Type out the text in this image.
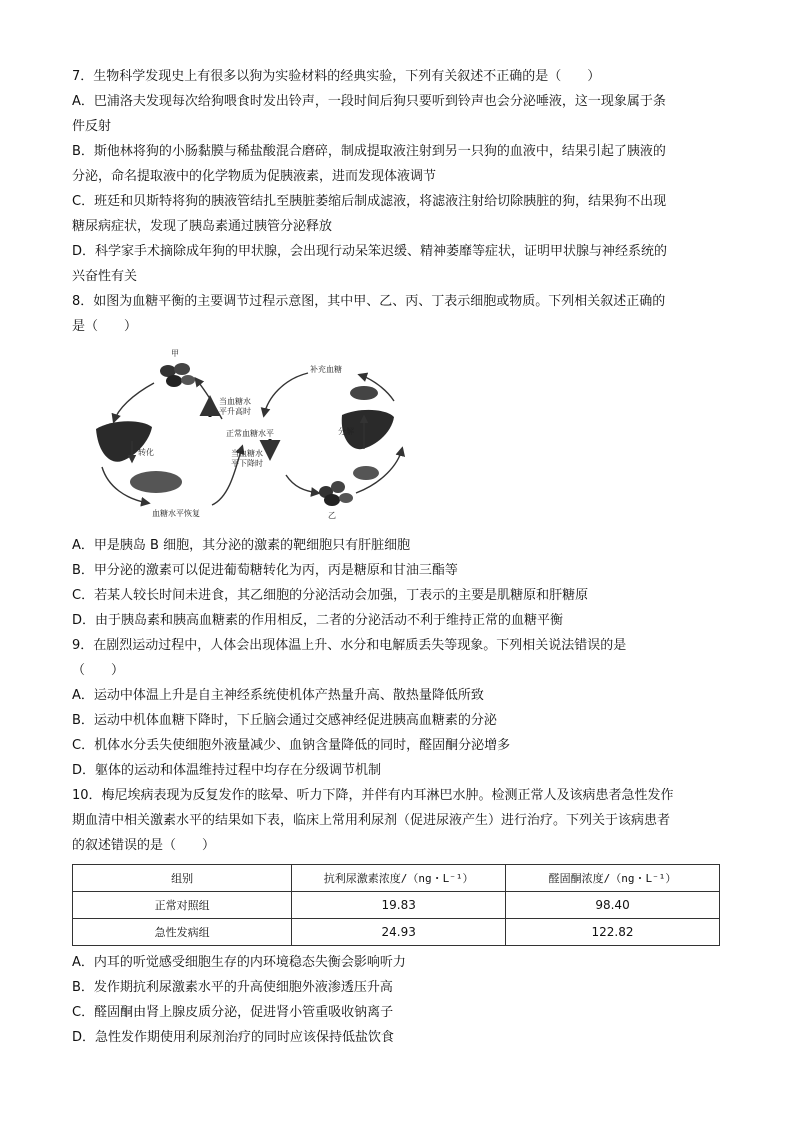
7．生物科学发现史上有很多以狗为实验材料的经典实验，下列有关叙述不正确的是（　　）
A．巴浦洛夫发现每次给狗喂食时发出铃声，一段时间后狗只要听到铃声也会分泌唾液，这一现象属于条
件反射
B．斯他林将狗的小肠黏膜与稀盐酸混合磨碎，制成提取液注射到另一只狗的血液中，结果引起了胰液的
分泌，命名提取液中的化学物质为促胰液素，进而发现体液调节
C．班廷和贝斯特将狗的胰液管结扎至胰脏萎缩后制成滤液，将滤液注射给切除胰脏的狗，结果狗不出现
糖尿病症状，发现了胰岛素通过胰管分泌释放
D．科学家手术摘除成年狗的甲状腺，会出现行动呆笨迟缓、精神萎靡等症状，证明甲状腺与神经系统的
兴奋性有关
8．如图为血糖平衡的主要调节过程示意图，其中甲、乙、丙、丁表示细胞或物质。下列相关叙述正确的
是（　　）
甲
乙
补充血糖
当血糖水平升高时
正常血糖水平
当血糖水平下降时
转化
分解
血糖水平恢复
A．甲是胰岛 B 细胞，其分泌的激素的靶细胞只有肝脏细胞
B．甲分泌的激素可以促进葡萄糖转化为丙，丙是糖原和甘油三酯等
C．若某人较长时间未进食，其乙细胞的分泌活动会加强，丁表示的主要是肌糖原和肝糖原
D．由于胰岛素和胰高血糖素的作用相反，二者的分泌活动不利于维持正常的血糖平衡
9．在剧烈运动过程中，人体会出现体温上升、水分和电解质丢失等现象。下列相关说法错误的是
（　　）
A．运动中体温上升是自主神经系统使机体产热量升高、散热量降低所致
B．运动中机体血糖下降时，下丘脑会通过交感神经促进胰高血糖素的分泌
C．机体水分丢失使细胞外液量减少、血钠含量降低的同时，醛固酮分泌增多
D．躯体的运动和体温维持过程中均存在分级调节机制
10．梅尼埃病表现为反复发作的眩晕、听力下降，并伴有内耳淋巴水肿。检测正常人及该病患者急性发作
期血清中相关激素水平的结果如下表，临床上常用利尿剂（促进尿液产生）进行治疗。下列关于该病患者
的叙述错误的是（　　）
组别	抗利尿激素浓度/（ng・L⁻¹）	醛固酮浓度/（ng・L⁻¹）
正常对照组	19.83	98.40
急性发病组	24.93	122.82
A．内耳的听觉感受细胞生存的内环境稳态失衡会影响听力
B．发作期抗利尿激素水平的升高使细胞外液渗透压升高
C．醛固酮由肾上腺皮质分泌，促进肾小管重吸收钠离子
D．急性发作期使用利尿剂治疗的同时应该保持低盐饮食
